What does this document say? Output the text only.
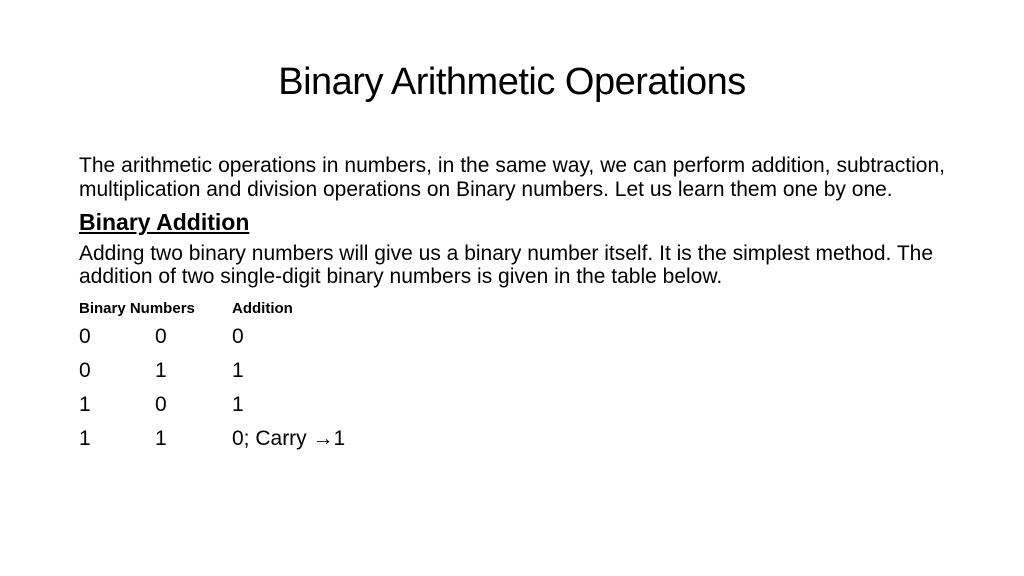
Binary Arithmetic Operations

The arithmetic operations in numbers, in the same way, we can perform addition, subtraction, multiplication and division operations on Binary numbers. Let us learn them one by one.

Binary Addition

Adding two binary numbers will give us a binary number itself. It is the simplest method. The addition of two single-digit binary numbers is given in the table below.

Binary Numbers		Addition
0	0	0
0	1	1
1	0	1
1	1	0; Carry →1
